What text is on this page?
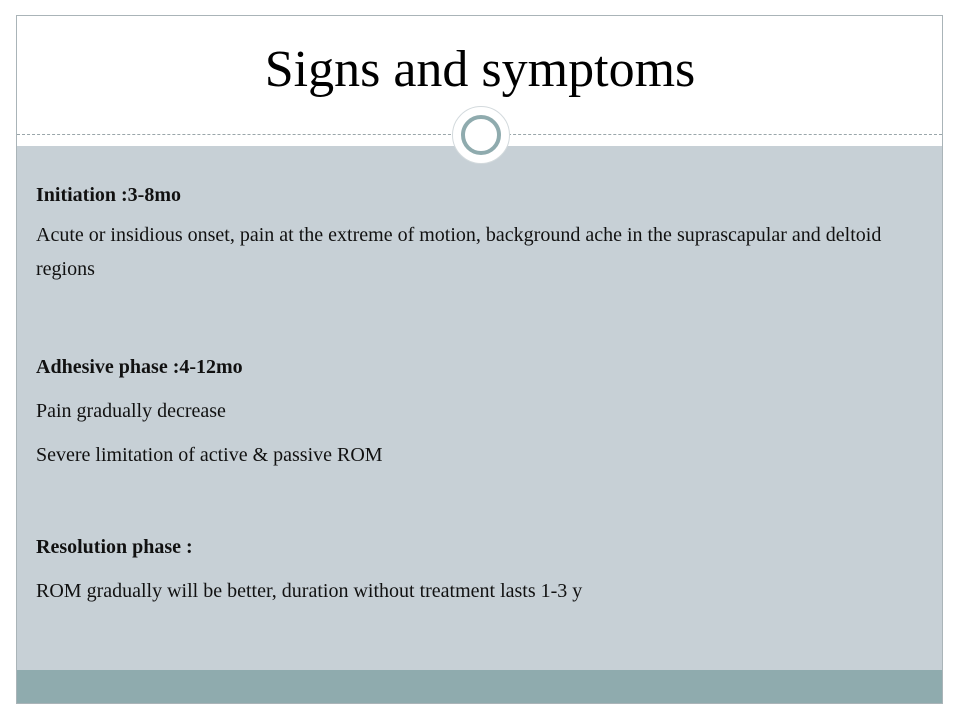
Signs and symptoms
Initiation :3-8mo
Acute or insidious onset, pain at the extreme of motion, background ache in the suprascapular and deltoid regions
Adhesive phase :4-12mo
Pain gradually decrease
Severe limitation of active & passive ROM
Resolution phase :
ROM gradually will be better, duration without treatment lasts 1-3 y
